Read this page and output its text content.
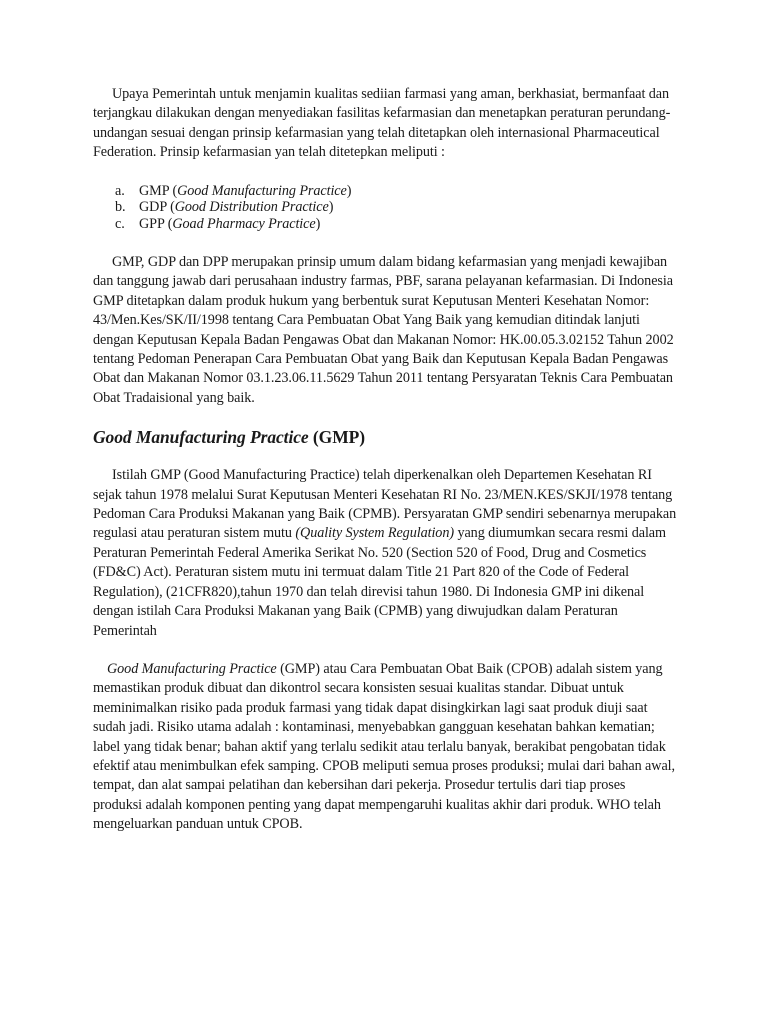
Upaya Pemerintah untuk menjamin kualitas sediian farmasi yang aman, berkhasiat, bermanfaat dan terjangkau dilakukan dengan menyediakan fasilitas kefarmasian dan menetapkan peraturan perundang-undangan sesuai dengan prinsip kefarmasian yang telah ditetapkan oleh internasional Pharmaceutical Federation. Prinsip kefarmasian yan telah ditetepkan meliputi :

a.	GMP (Good Manufacturing Practice)
b. GDP (Good Distribution Practice)
c.	GPP (Goad Pharmacy Practice)

GMP, GDP dan DPP merupakan prinsip umum dalam bidang kefarmasian yang menjadi kewajiban dan tanggung jawab dari perusahaan industry farmas, PBF, sarana pelayanan kefarmasian. Di Indonesia GMP ditetapkan dalam produk hukum yang berbentuk surat Keputusan Menteri Kesehatan Nomor: 43/Men.Kes/SK/II/1998 tentang Cara Pembuatan Obat Yang Baik yang kemudian ditindak lanjuti dengan Keputusan Kepala Badan Pengawas Obat dan Makanan Nomor: HK.00.05.3.02152 Tahun 2002 tentang Pedoman Penerapan Cara Pembuatan Obat yang Baik dan Keputusan Kepala Badan Pengawas Obat dan Makanan Nomor 03.1.23.06.11.5629 Tahun 2011 tentang Persyaratan Teknis Cara Pembuatan Obat Tradaisional yang baik.

Good Manufacturing Practice (GMP)

Istilah GMP (Good Manufacturing Practice) telah diperkenalkan oleh Departemen Kesehatan RI sejak tahun 1978 melalui Surat Keputusan Menteri Kesehatan RI No. 23/MEN.KES/SKJI/1978 tentang Pedoman Cara Produksi Makanan yang Baik (CPMB). Persyaratan GMP sendiri sebenarnya merupakan regulasi atau peraturan sistem mutu (Quality System Regulation) yang diumumkan secara resmi dalam Peraturan Pemerintah Federal Amerika Serikat No. 520 (Section 520 of Food, Drug and Cosmetics (FD&C) Act). Peraturan sistem mutu ini termuat dalam Title 21 Part 820 of the Code of Federal Regulation), (21CFR820),tahun 1970 dan telah direvisi tahun 1980. Di Indonesia GMP ini dikenal dengan istilah Cara Produksi Makanan yang Baik (CPMB) yang diwujudkan dalam Peraturan Pemerintah

Good Manufacturing Practice (GMP) atau Cara Pembuatan Obat Baik (CPOB) adalah sistem yang memastikan produk dibuat dan dikontrol secara konsisten sesuai kualitas standar. Dibuat untuk meminimalkan risiko pada produk farmasi yang tidak dapat disingkirkan lagi saat produk diuji saat sudah jadi. Risiko utama adalah : kontaminasi, menyebabkan gangguan kesehatan bahkan kematian; label yang tidak benar; bahan aktif yang terlalu sedikit atau terlalu banyak, berakibat pengobatan tidak efektif atau menimbulkan efek samping. CPOB meliputi semua proses produksi; mulai dari bahan awal, tempat, dan alat sampai pelatihan dan kebersihan dari pekerja. Prosedur tertulis dari tiap proses produksi adalah komponen penting yang dapat mempengaruhi kualitas akhir dari produk. WHO telah mengeluarkan panduan untuk CPOB.
